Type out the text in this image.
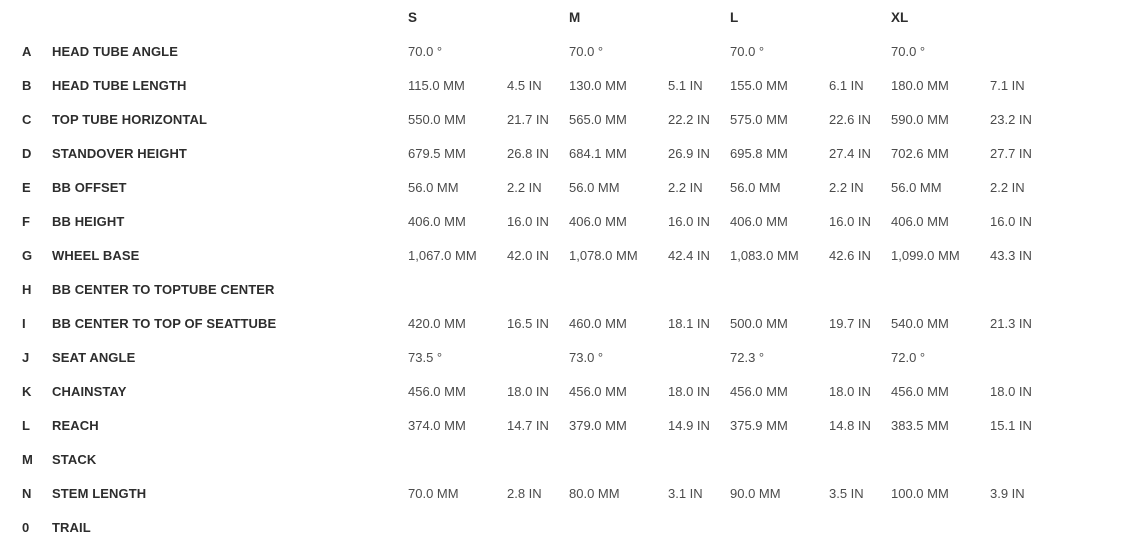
S	M	L	XL
A	HEAD TUBE ANGLE	70.0 °	70.0 °	70.0 °	70.0 °
B	HEAD TUBE LENGTH	115.0 MM	4.5 IN	130.0 MM	5.1 IN	155.0 MM	6.1 IN	180.0 MM	7.1 IN
C	TOP TUBE HORIZONTAL	550.0 MM	21.7 IN	565.0 MM	22.2 IN	575.0 MM	22.6 IN	590.0 MM	23.2 IN
D	STANDOVER HEIGHT	679.5 MM	26.8 IN	684.1 MM	26.9 IN	695.8 MM	27.4 IN	702.6 MM	27.7 IN
E	BB OFFSET	56.0 MM	2.2 IN	56.0 MM	2.2 IN	56.0 MM	2.2 IN	56.0 MM	2.2 IN
F	BB HEIGHT	406.0 MM	16.0 IN	406.0 MM	16.0 IN	406.0 MM	16.0 IN	406.0 MM	16.0 IN
G	WHEEL BASE	1,067.0 MM	42.0 IN	1,078.0 MM	42.4 IN	1,083.0 MM	42.6 IN	1,099.0 MM	43.3 IN
H	BB CENTER TO TOPTUBE CENTER
I	BB CENTER TO TOP OF SEATTUBE	420.0 MM	16.5 IN	460.0 MM	18.1 IN	500.0 MM	19.7 IN	540.0 MM	21.3 IN
J	SEAT ANGLE	73.5 °	73.0 °	72.3 °	72.0 °
K	CHAINSTAY	456.0 MM	18.0 IN	456.0 MM	18.0 IN	456.0 MM	18.0 IN	456.0 MM	18.0 IN
L	REACH	374.0 MM	14.7 IN	379.0 MM	14.9 IN	375.9 MM	14.8 IN	383.5 MM	15.1 IN
M	STACK
N	STEM LENGTH	70.0 MM	2.8 IN	80.0 MM	3.1 IN	90.0 MM	3.5 IN	100.0 MM	3.9 IN
0	TRAIL
